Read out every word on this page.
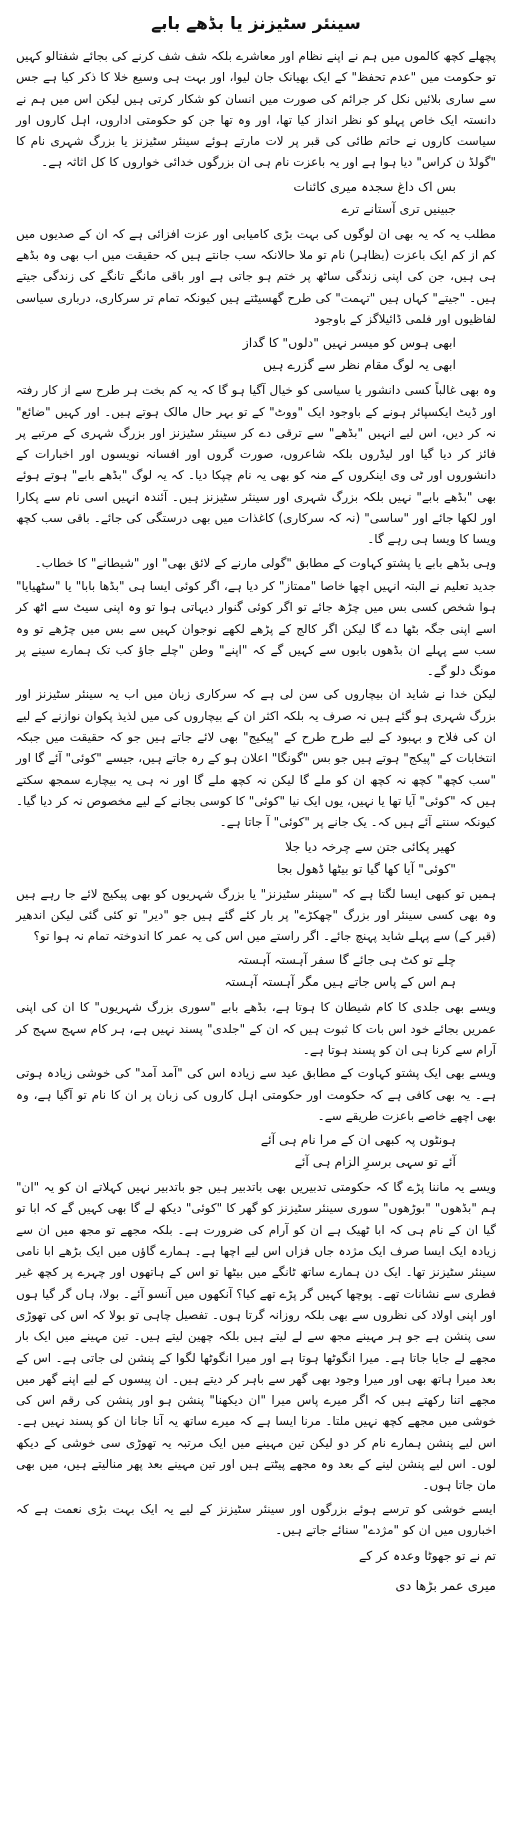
سینئر سٹیزنز یا بڈھے بابے

پچھلے کچھ کالموں میں ہم نے اپنے نظام اور معاشرے بلکہ شف شف کرنے کی بجائے شفتالو کہیں تو حکومت میں "عدم تحفظ" کے ایک بھیانک جان لیوا، اور بہت ہی وسیع خلا کا ذکر کیا ہے جس سے ساری بلائیں نکل کر جرائم کی صورت میں انسان کو شکار کرتی ہیں لیکن اس میں ہم نے دانستہ ایک خاص پہلو کو نظر انداز کیا تھا، اور وہ تھا جن کو حکومتی اداروں، اہل کاروں اور سیاست کاروں نے حاتم طائی کی قبر پر لات مارتے ہوئے سینئر سٹیزنز یا بزرگ شہری نام کا "گولڈ ن کراس" دیا ہوا ہے اور یہ باعزت نام ہی ان بزرگوں خدائی خواروں کا کل اثاثہ ہے۔

بس اک داغ سجدہ میری کائنات
جبینیں تری آستانے ترے

مطلب یہ کہ یہ بھی ان لوگوں کی بہت بڑی کامیابی اور عزت افزائی ہے کہ ان کے صدیوں میں کم از کم ایک باعزت (بظاہر) نام تو ملا حالانکہ سب جانتے ہیں کہ حقیقت میں اب بھی وہ بڈھے ہی ہیں، جن کی اپنی زندگی ساٹھ پر ختم ہو جاتی ہے اور باقی مانگے تانگے کی زندگی جیتے ہیں۔ "جیتے" کہاں ہیں "تہمت" کی طرح گھسیٹتے ہیں کیونکہ تمام تر سرکاری، درباری سیاسی لفاظیوں اور فلمی ڈائیلاگز کے باوجود

ابھی ہوس کو میسر نہیں "دلوں" کا گداز
ابھی یہ لوگ مقام نظر سے گزرے ہیں

وہ بھی غالباً کسی دانشور یا سیاسی کو خیال آگیا ہو گا کہ یہ کم بخت ہر طرح سے از کار رفتہ اور ڈیٹ ایکسپائر ہونے کے باوجود ایک "ووٹ" کے تو بہر حال مالک ہوتے ہیں۔ اور کہیں "ضائع" نہ کر دیں، اس لیے انہیں "بڈھے" سے ترقی دے کر سینئر سٹیزنز اور بزرگ شہری کے مرتبے پر فائز کر دیا گیا اور لیڈروں بلکہ شاعروں، صورت گروں اور افسانہ نویسوں اور اخبارات کے دانشوروں اور ٹی وی اینکروں کے منہ کو بھی یہ نام چپکا دیا۔ کہ یہ لوگ "بڈھے بابے" ہوتے ہوئے بھی "بڈھے بابے" نہیں بلکہ بزرگ شہری اور سینئر سٹیزنز ہیں۔ آئندہ انہیں اسی نام سے پکارا اور لکھا جائے اور "ساسی" (نہ کہ سرکاری) کاغذات میں بھی درستگی کی جائے۔ باقی سب کچھ ویسا کا ویسا ہی رہے گا۔

وہی بڈھے بابے یا پشتو کہاوت کے مطابق "گولی مارنے کے لائق بھی" اور "شیطانے" کا خطاب۔

جدید تعلیم نے البتہ انہیں اچھا خاصا "ممتاز" کر دیا ہے، اگر کوئی ایسا ہی "بڈھا بابا" یا "سٹھیایا" ہوا شخص کسی بس میں چڑھ جائے تو اگر کوئی گنوار دیہاتی ہوا تو وہ اپنی سیٹ سے اٹھ کر اسے اپنی جگہ بٹھا دے گا لیکن اگر کالج کے پڑھے لکھے نوجوان کہیں سے بس میں چڑھے تو وہ سب سے پہلے ان بڈھوں بابوں سے کہیں گے کہ "اپنے" وطن "چلے جاؤ کب تک ہمارے سینے پر مونگ دلو گے۔

لیکن خدا نے شاید ان بیچاروں کی سن لی ہے کہ سرکاری زبان میں اب یہ سینئر سٹیزنز اور بزرگ شہری ہو گئے ہیں نہ صرف یہ بلکہ اکثر ان کے بیچاروں کی میں لذیذ پکوان نوازنے کے لیے ان کی فلاح و بہبود کے لیے طرح طرح کے "پیکیج" بھی لائے جاتے ہیں جو کہ حقیقت میں جبکہ انتخابات کے "پیکج" ہوتے ہیں جو بس "گونگا" اعلان ہو کے رہ جاتے ہیں، جیسے "کوئی" آئے گا اور "سب کچھ" کچھ نہ کچھ ان کو ملے گا لیکن نہ کچھ ملے گا اور نہ ہی یہ بیچارے سمجھ سکتے ہیں کہ "کوئی" آیا تھا یا نہیں، یوں ایک نیا "کوئی" کا کوسی بجانے کے لیے مخصوص نہ کر دیا گیا۔ کیونکہ سنتے آئے ہیں کہ۔ یک جانے پر "کوئی" آ جاتا ہے۔

کھیر پکائی جتن سے چرخہ دیا جلا
"کوئی" آیا کھا گیا تو بیٹھا ڈھول بجا

ہمیں تو کبھی ایسا لگتا ہے کہ "سینئر سٹیزنز" یا بزرگ شہریوں کو بھی پیکیج لائے جا رہے ہیں وہ بھی کسی سینئر اور بزرگ "چھکڑے" پر بار کئے گئے ہیں جو "دیر" تو کئی گئی لیکن اندھیر (قبر کے) سے پہلے شاید پہنچ جائے۔ اگر راستے میں اس کی یہ عمر کا اندوختہ تمام نہ ہوا تو؟

چلے تو کٹ ہی جائے گا سفر آہستہ آہستہ
ہم اس کے پاس جاتے ہیں مگر آہستہ آہستہ

ویسے بھی جلدی کا کام شیطان کا ہوتا ہے، بڈھے بابے "سوری بزرگ شہریوں" کا ان کی اپنی عمریں بجائے خود اس بات کا ثبوت ہیں کہ ان کے "جلدی" پسند نہیں ہے، ہر کام سہج سہج کر آرام سے کرنا ہی ان کو پسند ہوتا ہے۔

ویسے بھی ایک پشتو کہاوت کے مطابق عید سے زیادہ اس کی "آمد آمد" کی خوشی زیادہ ہوتی ہے۔ یہ بھی کافی ہے کہ حکومت اور حکومتی اہل کاروں کی زبان پر ان کا نام تو آگیا ہے، وہ بھی اچھے خاصے باعزت طریقے سے۔

ہونٹوں پہ کبھی ان کے مرا نام ہی آئے
آئے تو سہی برسرِ الزام ہی آئے

ویسے یہ ماننا پڑے گا کہ حکومتی تدبیریں بھی باتدبیر ہیں جو باتدبیر نہیں کہلاتے ان کو یہ "ان" ہم "بڈھوں" "بوڑھوں" سوری سینئر سٹیزنز کو گھر کا "کوئی" دیکھ لے گا بھی کہیں گے کہ ابا تو گیا ان کے نام ہی کہ ابا ٹھیک ہے ان کو آرام کی ضرورت ہے۔ بلکہ مجھے تو مجھ میں ان سے زیادہ ایک ایسا صرف ایک مژدہ جاں فزاں اس لیے اچھا ہے۔ ہمارے گاؤں میں ایک بڑھے ابا نامی سینئر سٹیزنز تھا۔ ایک دن ہمارے ساتھ ٹانگے میں بیٹھا تو اس کے ہاتھوں اور چہرے پر کچھ غیر فطری سے نشانات تھے۔ پوچھا کہیں گر پڑے تھے کیا؟ آنکھوں میں آنسو آئے۔ بولا، ہاں گر گیا ہوں اور اپنی اولاد کی نظروں سے بھی بلکہ روزانہ گرتا ہوں۔ تفصیل چاہی تو بولا کہ اس کی تھوڑی سی پنشن ہے جو ہر مہینے مجھ سے لے لیتے ہیں بلکہ چھین لیتے ہیں۔ تین مہینے میں ایک بار مجھے لے جایا جاتا ہے۔ میرا انگوٹھا ہوتا ہے اور میرا انگوٹھا لگوا کے پنشن لی جاتی ہے۔ اس کے بعد میرا ہاتھ بھی اور میرا وجود بھی گھر سے باہر کر دیتے ہیں۔ ان پیسوں کے لیے اپنے گھر میں مجھے اتنا رکھتے ہیں کہ اگر میرے پاس میرا "ان دیکھنا" پنشن ہو اور پنشن کی رقم اس کی خوشی میں مجھے کچھ نہیں ملتا۔ مرنا ایسا ہے کہ میرے ساتھ یہ آنا جانا ان کو پسند نہیں ہے۔ اس لیے پنشن ہمارے نام کر دو لیکن تین مہینے میں ایک مرتبہ یہ تھوڑی سی خوشی کے دیکھ لوں۔ اس لیے پنشن لینے کے بعد وہ مجھے پیٹتے ہیں اور تین مہینے بعد پھر منالیتے ہیں، میں بھی مان جاتا ہوں۔

ایسے خوشی کو ترسے ہوئے بزرگوں اور سینئر سٹیزنز کے لیے یہ ایک بہت بڑی نعمت ہے کہ اخباروں میں ان کو "مژدے" سنائے جاتے ہیں۔

تم نے تو جھوٹا وعدہ کر کے
میری عمر بڑھا دی
